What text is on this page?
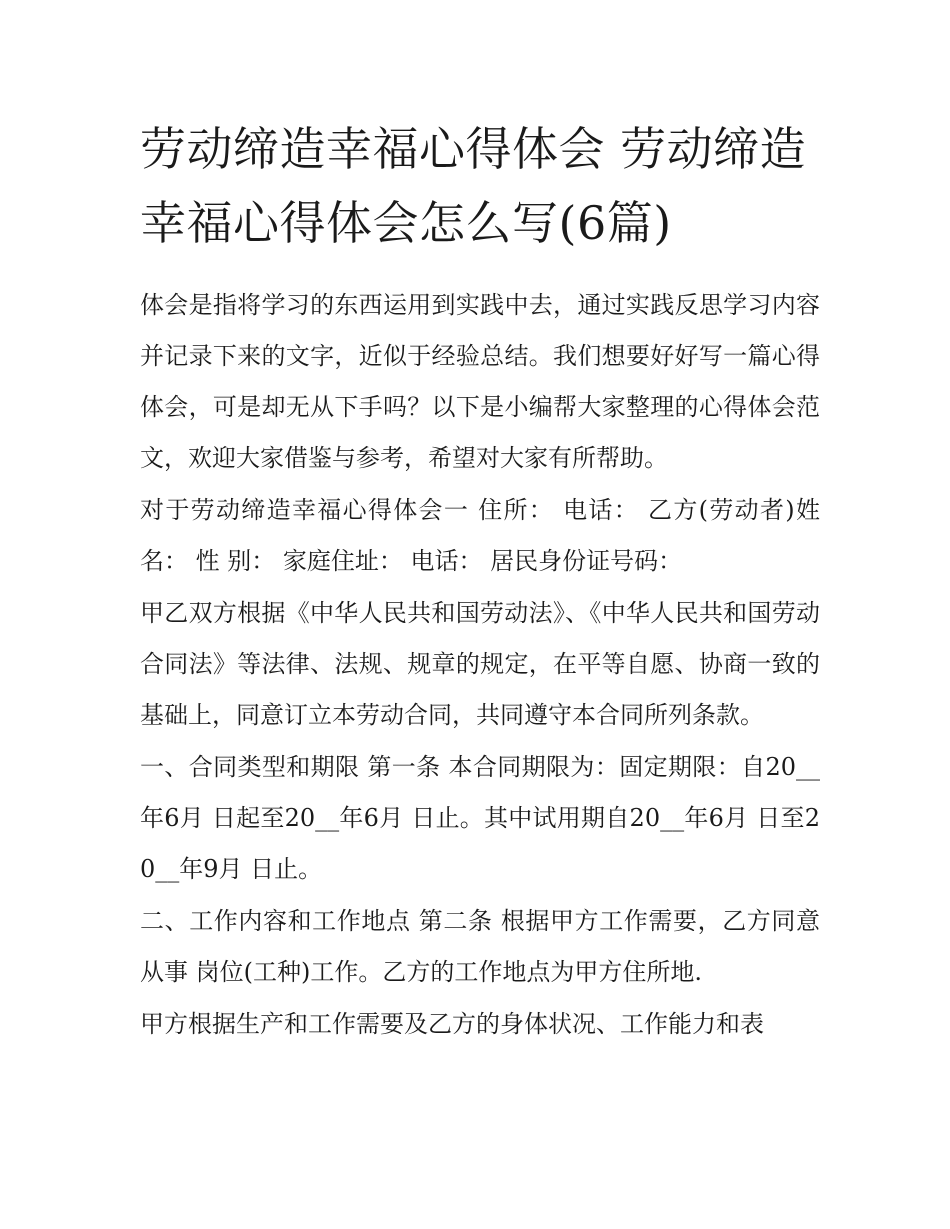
劳动缔造幸福心得体会 劳动缔造幸福心得体会怎么写(6篇)

体会是指将学习的东西运用到实践中去，通过实践反思学习内容并记录下来的文字，近似于经验总结。我们想要好好写一篇心得体会，可是却无从下手吗？以下是小编帮大家整理的心得体会范文，欢迎大家借鉴与参考，希望对大家有所帮助。

对于劳动缔造幸福心得体会一 住所： 电话： 乙方(劳动者)姓名： 性 别： 家庭住址： 电话： 居民身份证号码：

甲乙双方根据《中华人民共和国劳动法》、《中华人民共和国劳动合同法》等法律、法规、规章的规定，在平等自愿、协商一致的基础上，同意订立本劳动合同，共同遵守本合同所列条款。

一、合同类型和期限 第一条 本合同期限为：固定期限：自20__年6月 日起至20__年6月 日止。其中试用期自20__年6月 日至20__年9月 日止。

二、工作内容和工作地点 第二条 根据甲方工作需要，乙方同意从事 岗位(工种)工作。乙方的工作地点为甲方住所地.

甲方根据生产和工作需要及乙方的身体状况、工作能力和表
